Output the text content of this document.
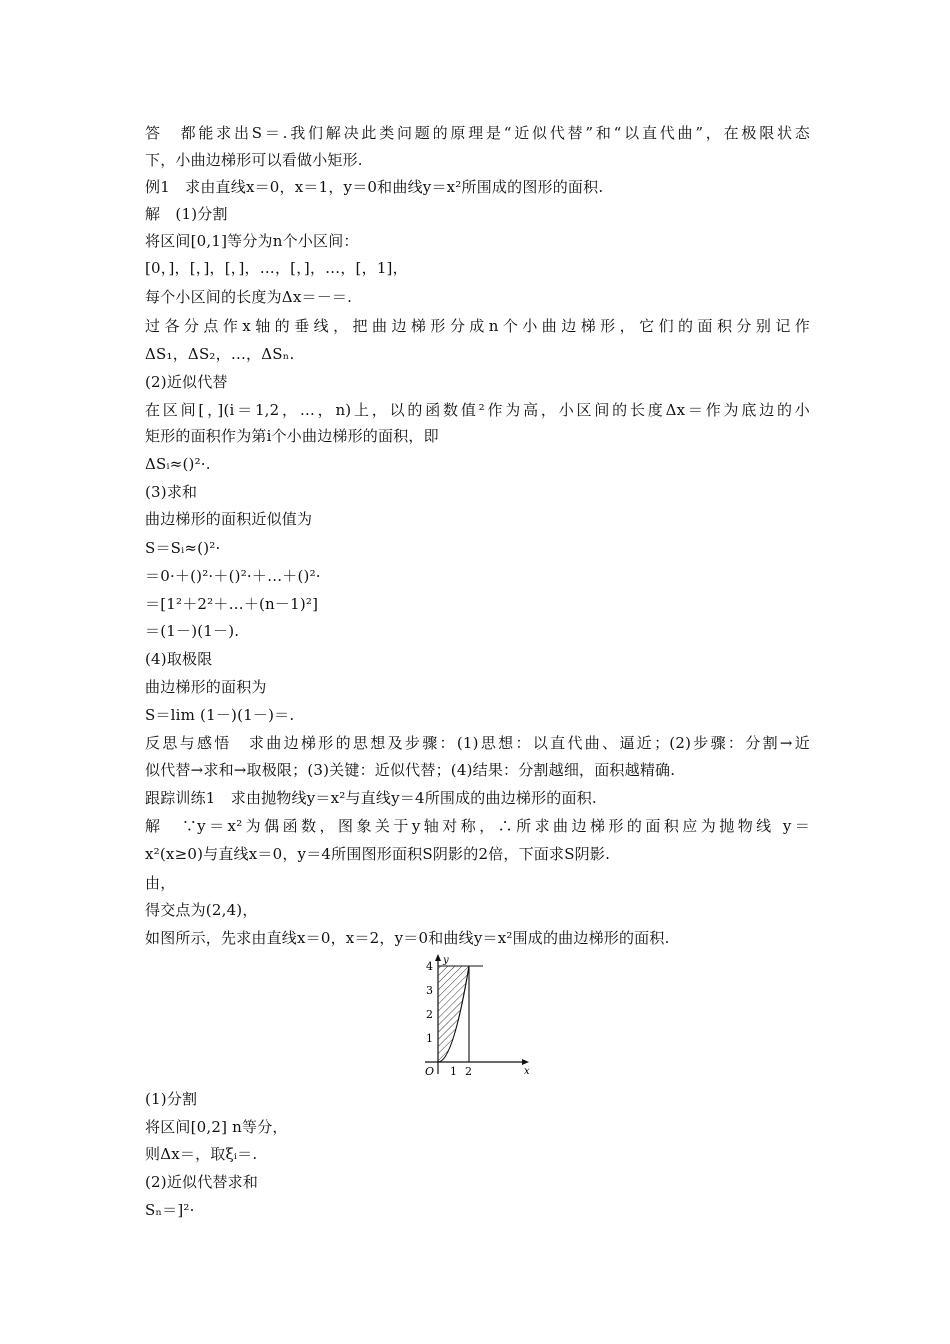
答　都能求出S＝.我们解决此类问题的原理是“近似代替”和“以直代曲”，在极限状态
下，小曲边梯形可以看做小矩形.
例1　求由直线x＝0，x＝1，y＝0和曲线y＝x²所围成的图形的面积.
解　(1)分割
将区间[0,1]等分为n个小区间：
[0，]，[，]，[，]，…，[，]，…，[，1]，
每个小区间的长度为Δx＝－＝.
过各分点作x轴的垂线，把曲边梯形分成n个小曲边梯形，它们的面积分别记作
ΔS₁，ΔS₂，…，ΔSₙ.
(2)近似代替
在区间[，](i＝1,2，…，n)上，以的函数值²作为高，小区间的长度Δx＝作为底边的小
矩形的面积作为第i个小曲边梯形的面积，即
ΔSᵢ≈()²·.
(3)求和
曲边梯形的面积近似值为
S＝Sᵢ≈()²·
＝0·＋()²·＋()²·＋…＋()²·
＝[1²＋2²＋…＋(n－1)²]
＝(1－)(1－).
(4)取极限
曲边梯形的面积为
S＝lim (1－)(1－)＝.
反思与感悟　求曲边梯形的思想及步骤：(1)思想：以直代曲、逼近；(2)步骤：分割→近
似代替→求和→取极限；(3)关键：近似代替；(4)结果：分割越细，面积越精确.
跟踪训练1　求由抛物线y＝x²与直线y＝4所围成的曲边梯形的面积.
解　∵y＝x²为偶函数，图象关于y轴对称，∴所求曲边梯形的面积应为抛物线 y＝
x²(x≥0)与直线x＝0，y＝4所围图形面积S阴影的2倍，下面求S阴影.
由，
得交点为(2,4)，
如图所示，先求由直线x＝0，x＝2，y＝0和曲线y＝x²围成的曲边梯形的面积.
y
x
O
4
3
2
1
1 2
(1)分割
将区间[0,2] n等分，
则Δx＝，取ξᵢ＝.
(2)近似代替求和
Sₙ＝]²·
